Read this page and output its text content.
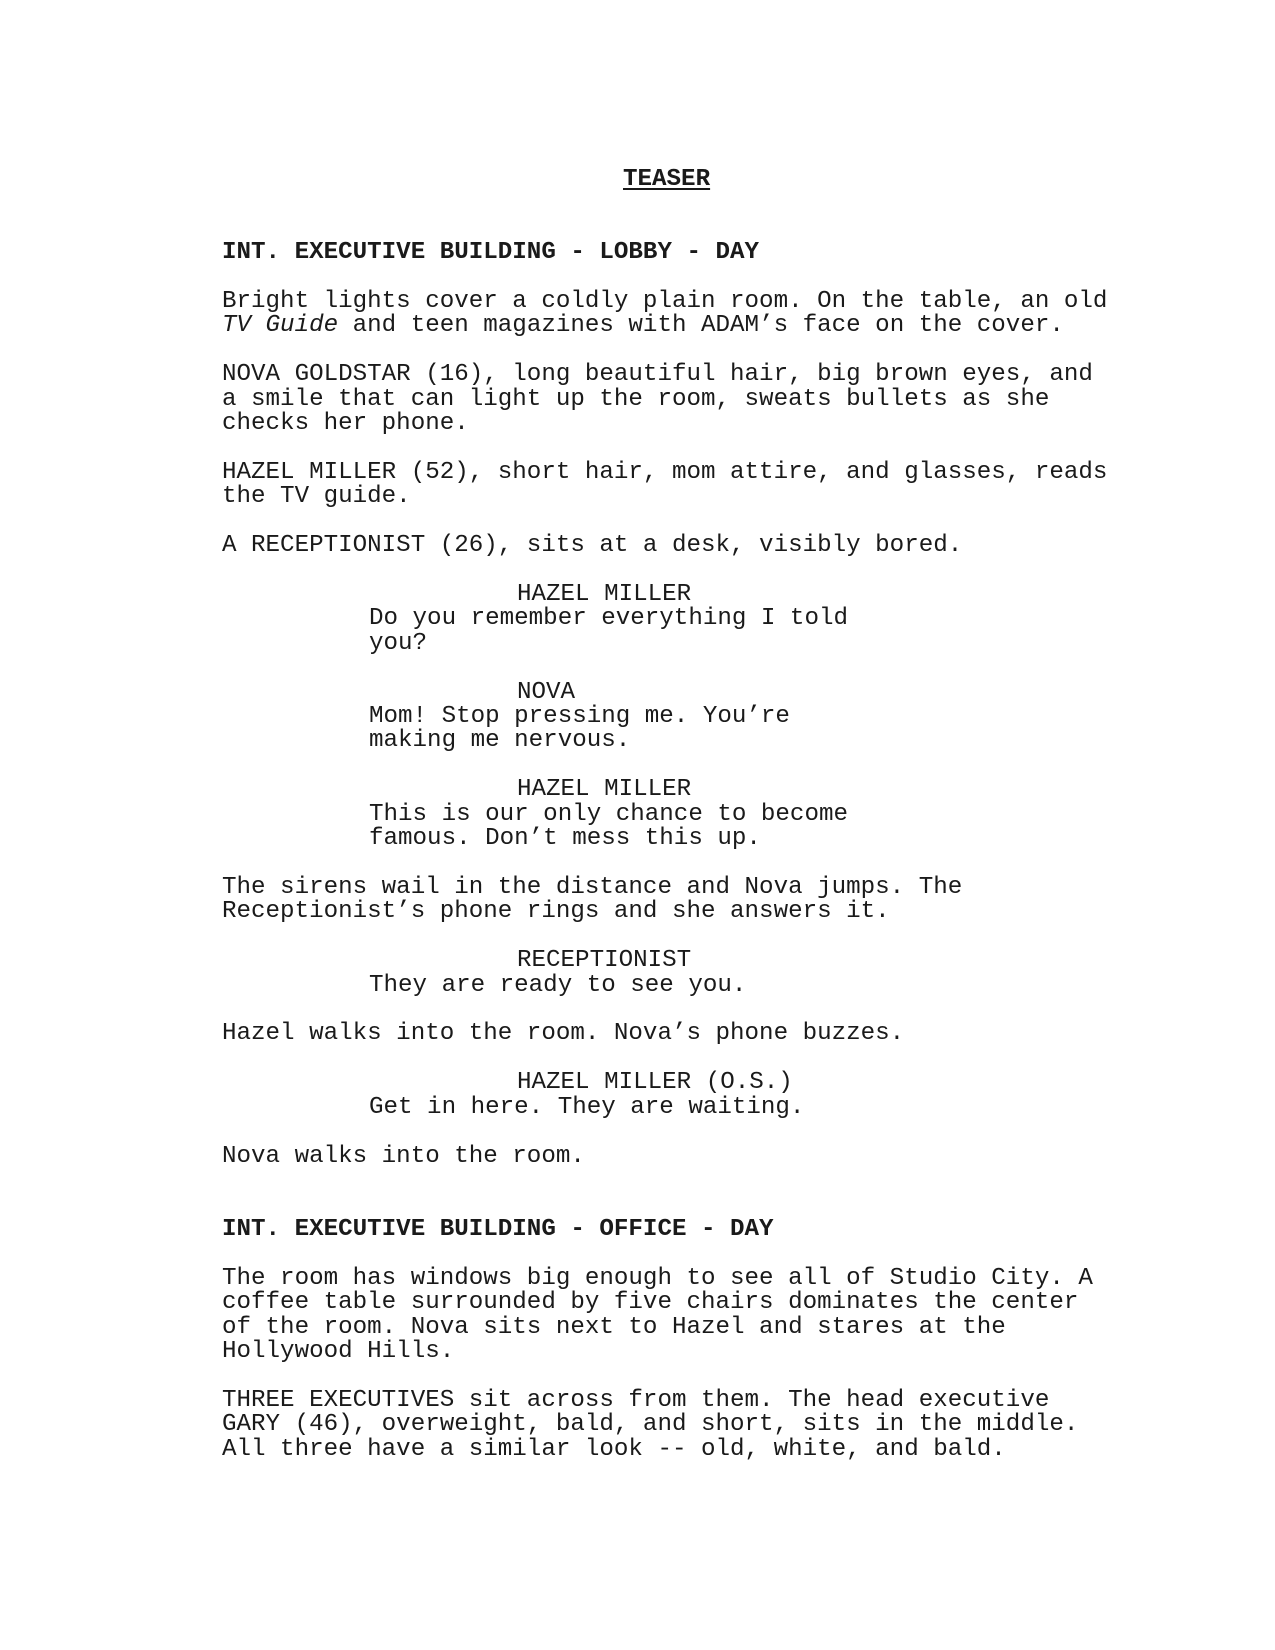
TEASER
INT. EXECUTIVE BUILDING - LOBBY - DAY
Bright lights cover a coldly plain room. On the table, an old
TV Guide and teen magazines with ADAM’s face on the cover.
NOVA GOLDSTAR (16), long beautiful hair, big brown eyes, and
a smile that can light up the room, sweats bullets as she
checks her phone.
HAZEL MILLER (52), short hair, mom attire, and glasses, reads
the TV guide.
A RECEPTIONIST (26), sits at a desk, visibly bored.
HAZEL MILLER
Do you remember everything I told
you?
NOVA
Mom! Stop pressing me. You’re
making me nervous.
HAZEL MILLER
This is our only chance to become
famous. Don’t mess this up.
The sirens wail in the distance and Nova jumps. The
Receptionist’s phone rings and she answers it.
RECEPTIONIST
They are ready to see you.
Hazel walks into the room. Nova’s phone buzzes.
HAZEL MILLER (O.S.)
Get in here. They are waiting.
Nova walks into the room.
INT. EXECUTIVE BUILDING - OFFICE - DAY
The room has windows big enough to see all of Studio City. A
coffee table surrounded by five chairs dominates the center
of the room. Nova sits next to Hazel and stares at the
Hollywood Hills.
THREE EXECUTIVES sit across from them. The head executive
GARY (46), overweight, bald, and short, sits in the middle.
All three have a similar look -- old, white, and bald.
